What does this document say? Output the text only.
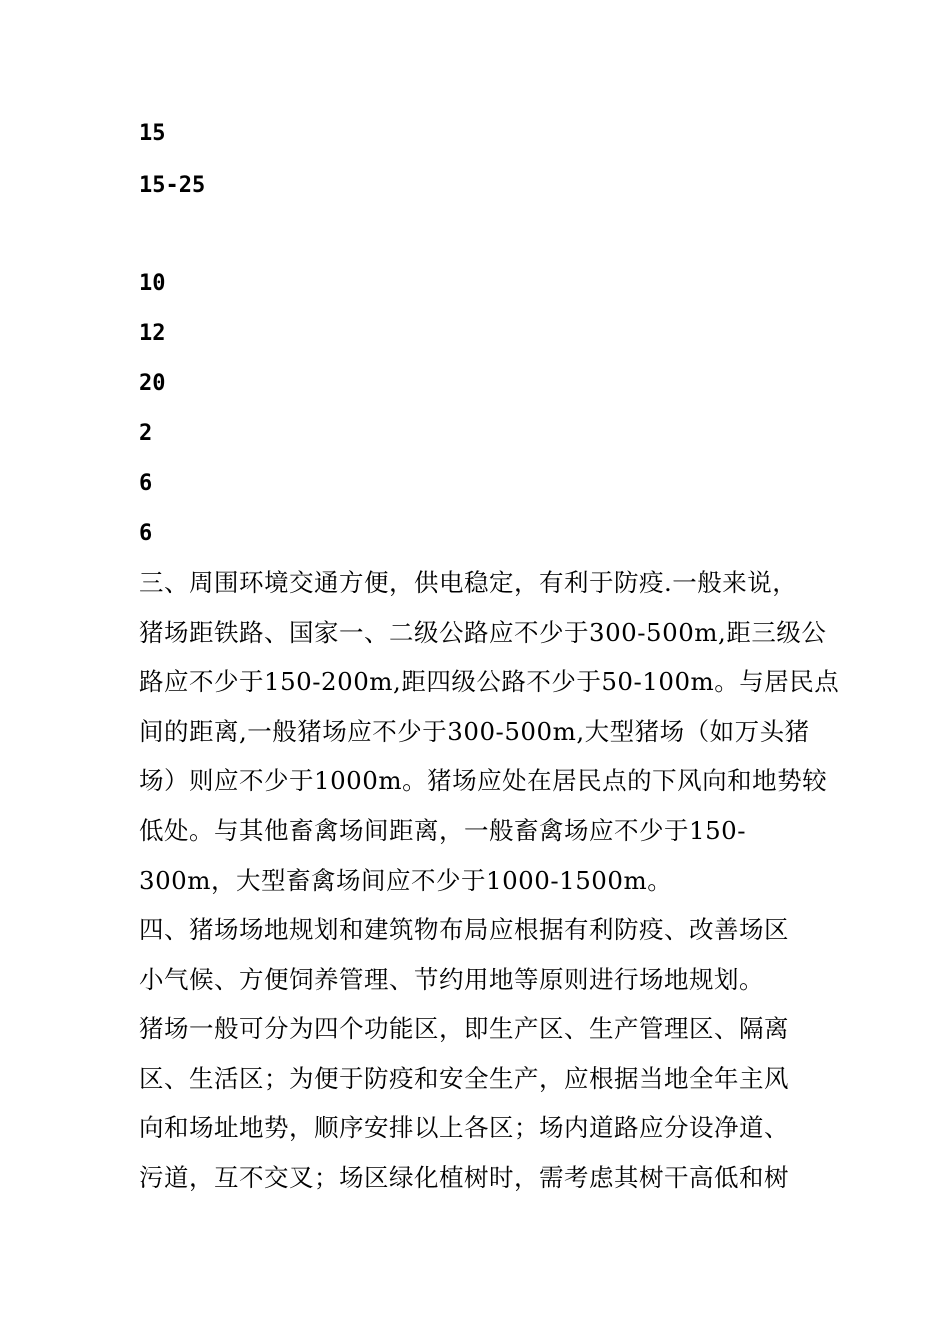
15
15-25
10
12
20
2
6
6
三、周围环境交通方便，供电稳定，有利于防疫.一般来说，
猪场距铁路、国家一、二级公路应不少于300-500m,距三级公
路应不少于150-200m,距四级公路不少于50-100m。与居民点
间的距离,一般猪场应不少于300-500m,大型猪场（如万头猪
场）则应不少于1000m。猪场应处在居民点的下风向和地势较
低处。与其他畜禽场间距离，一般畜禽场应不少于150-
300m，大型畜禽场间应不少于1000-1500m。
四、猪场场地规划和建筑物布局应根据有利防疫、改善场区
小气候、方便饲养管理、节约用地等原则进行场地规划。
猪场一般可分为四个功能区，即生产区、生产管理区、隔离
区、生活区；为便于防疫和安全生产，应根据当地全年主风
向和场址地势，顺序安排以上各区；场内道路应分设净道、
污道，互不交叉；场区绿化植树时，需考虑其树干高低和树
